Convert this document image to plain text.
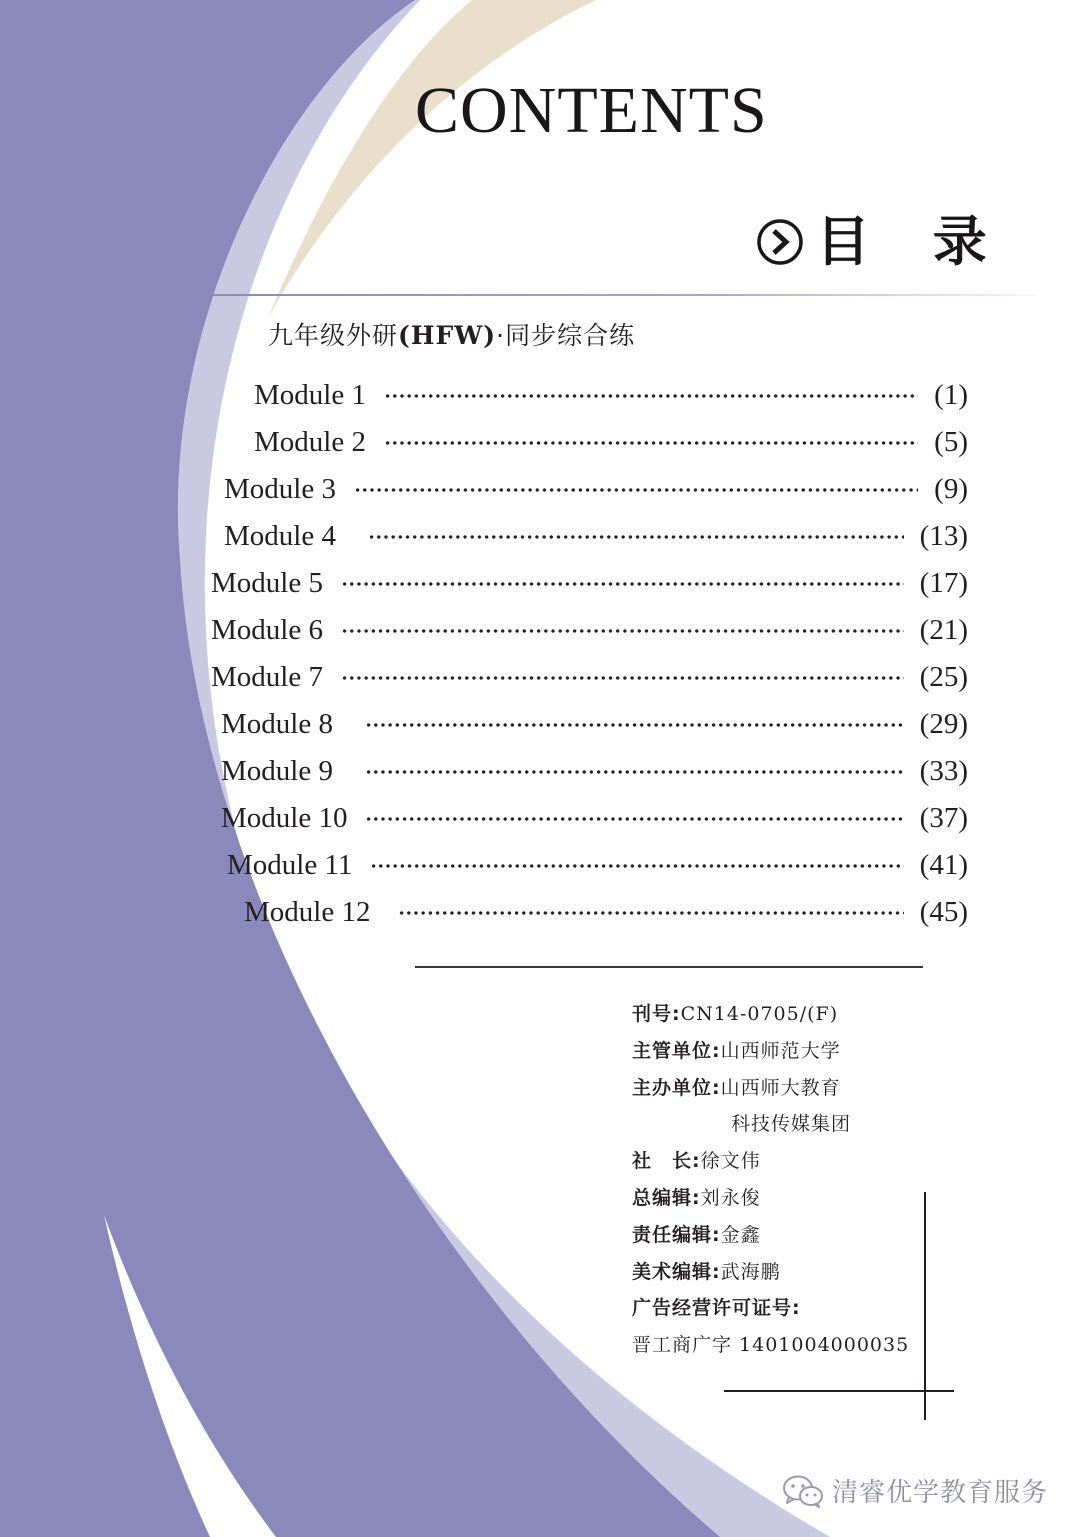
CONTENTS
目 录
九年级外研(HFW)·同步综合练
Module 1	(1)
Module 2	(5)
Module 3	(9)
Module 4	(13)
Module 5	(17)
Module 6	(21)
Module 7	(25)
Module 8	(29)
Module 9	(33)
Module 10	(37)
Module 11	(41)
Module 12	(45)
刊号:CN14-0705/(F)
主管单位:山西师范大学
主办单位:山西师大教育
科技传媒集团
社　长:徐文伟
总编辑:刘永俊
责任编辑:金鑫
美术编辑:武海鹏
广告经营许可证号:
晋工商广字 1401004000035
清睿优学教育服务
